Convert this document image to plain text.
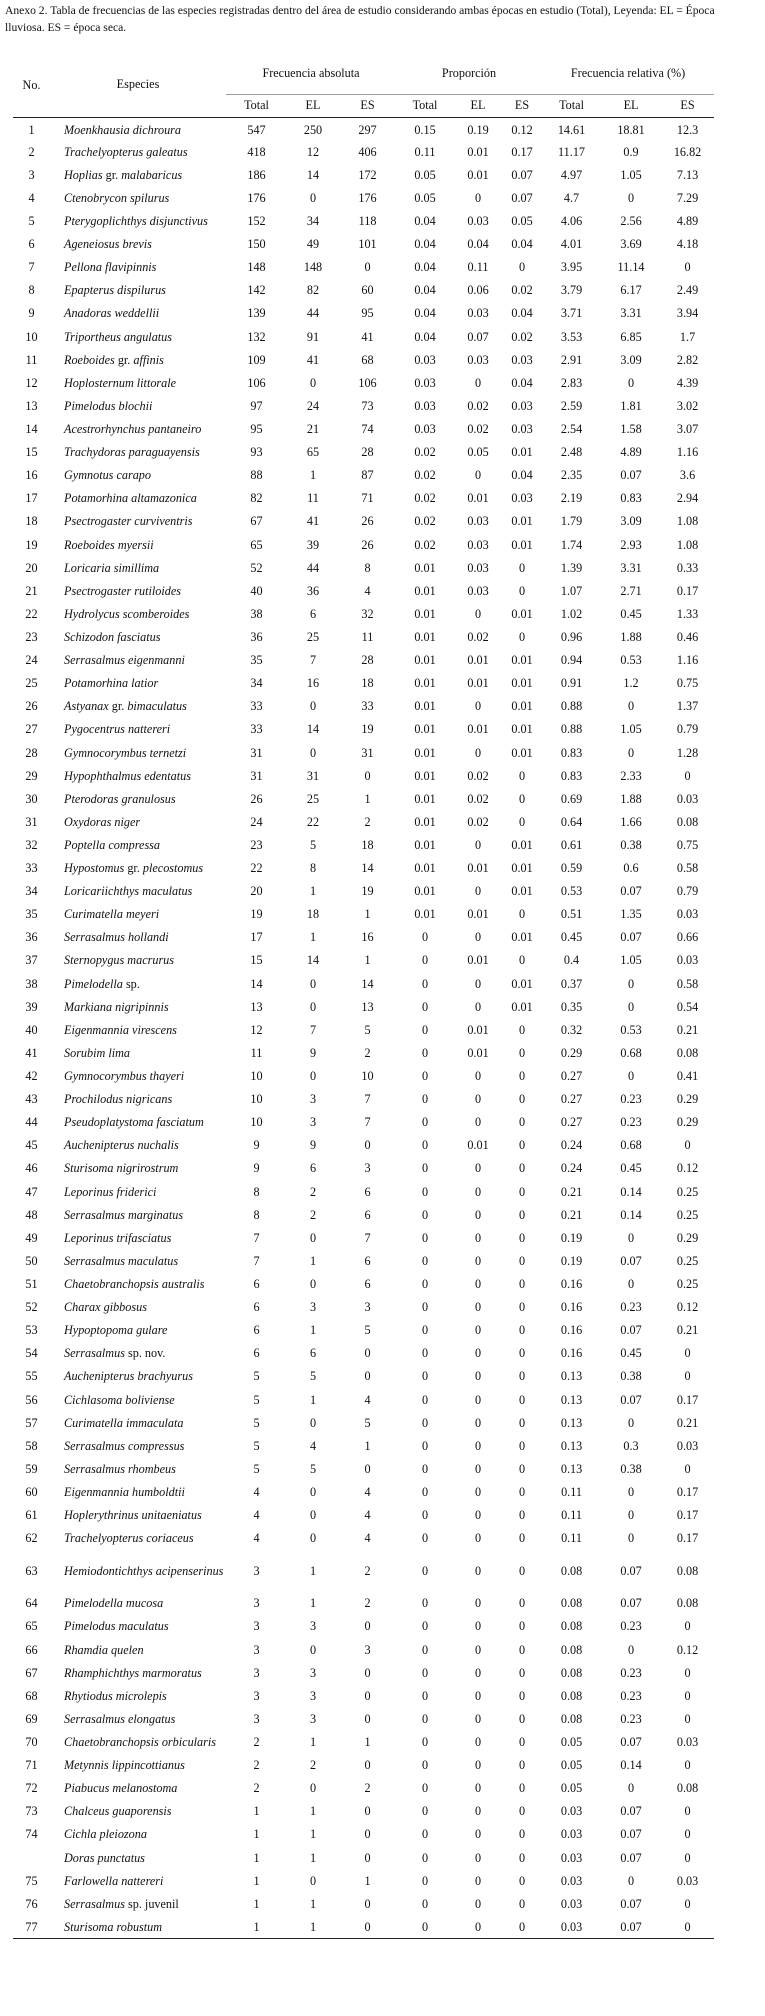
Anexo 2. Tabla de frecuencias de las especies registradas dentro del área de estudio considerando ambas épocas en estudio (Total), Leyenda: EL = Época lluviosa. ES = época seca.

No.	Especies	Frecuencia absoluta			Proporción			Frecuencia relativa (%)		
		Total	EL	ES	Total	EL	ES	Total	EL	ES
1	Moenkhausia dichroura	547	250	297	0.15	0.19	0.12	14.61	18.81	12.3
2	Trachelyopterus galeatus	418	12	406	0.11	0.01	0.17	11.17	0.9	16.82
3	Hoplias gr. malabaricus	186	14	172	0.05	0.01	0.07	4.97	1.05	7.13
4	Ctenobrycon spilurus	176	0	176	0.05	0	0.07	4.7	0	7.29
5	Pterygoplichthys disjunctivus	152	34	118	0.04	0.03	0.05	4.06	2.56	4.89
6	Ageneiosus brevis	150	49	101	0.04	0.04	0.04	4.01	3.69	4.18
7	Pellona flavipinnis	148	148	0	0.04	0.11	0	3.95	11.14	0
8	Epapterus dispilurus	142	82	60	0.04	0.06	0.02	3.79	6.17	2.49
9	Anadoras weddellii	139	44	95	0.04	0.03	0.04	3.71	3.31	3.94
10	Triportheus angulatus	132	91	41	0.04	0.07	0.02	3.53	6.85	1.7
11	Roeboides gr. affinis	109	41	68	0.03	0.03	0.03	2.91	3.09	2.82
12	Hoplosternum littorale	106	0	106	0.03	0	0.04	2.83	0	4.39
13	Pimelodus blochii	97	24	73	0.03	0.02	0.03	2.59	1.81	3.02
14	Acestrorhynchus pantaneiro	95	21	74	0.03	0.02	0.03	2.54	1.58	3.07
15	Trachydoras paraguayensis	93	65	28	0.02	0.05	0.01	2.48	4.89	1.16
16	Gymnotus carapo	88	1	87	0.02	0	0.04	2.35	0.07	3.6
17	Potamorhina altamazonica	82	11	71	0.02	0.01	0.03	2.19	0.83	2.94
18	Psectrogaster curviventris	67	41	26	0.02	0.03	0.01	1.79	3.09	1.08
19	Roeboides myersii	65	39	26	0.02	0.03	0.01	1.74	2.93	1.08
20	Loricaria simillima	52	44	8	0.01	0.03	0	1.39	3.31	0.33
21	Psectrogaster rutiloides	40	36	4	0.01	0.03	0	1.07	2.71	0.17
22	Hydrolycus scomberoides	38	6	32	0.01	0	0.01	1.02	0.45	1.33
23	Schizodon fasciatus	36	25	11	0.01	0.02	0	0.96	1.88	0.46
24	Serrasalmus eigenmanni	35	7	28	0.01	0.01	0.01	0.94	0.53	1.16
25	Potamorhina latior	34	16	18	0.01	0.01	0.01	0.91	1.2	0.75
26	Astyanax gr. bimaculatus	33	0	33	0.01	0	0.01	0.88	0	1.37
27	Pygocentrus nattereri	33	14	19	0.01	0.01	0.01	0.88	1.05	0.79
28	Gymnocorymbus ternetzi	31	0	31	0.01	0	0.01	0.83	0	1.28
29	Hypophthalmus edentatus	31	31	0	0.01	0.02	0	0.83	2.33	0
30	Pterodoras granulosus	26	25	1	0.01	0.02	0	0.69	1.88	0.03
31	Oxydoras niger	24	22	2	0.01	0.02	0	0.64	1.66	0.08
32	Poptella compressa	23	5	18	0.01	0	0.01	0.61	0.38	0.75
33	Hypostomus gr. plecostomus	22	8	14	0.01	0.01	0.01	0.59	0.6	0.58
34	Loricariichthys maculatus	20	1	19	0.01	0	0.01	0.53	0.07	0.79
35	Curimatella meyeri	19	18	1	0.01	0.01	0	0.51	1.35	0.03
36	Serrasalmus hollandi	17	1	16	0	0	0.01	0.45	0.07	0.66
37	Sternopygus macrurus	15	14	1	0	0.01	0	0.4	1.05	0.03
38	Pimelodella sp.	14	0	14	0	0	0.01	0.37	0	0.58
39	Markiana nigripinnis	13	0	13	0	0	0.01	0.35	0	0.54
40	Eigenmannia virescens	12	7	5	0	0.01	0	0.32	0.53	0.21
41	Sorubim lima	11	9	2	0	0.01	0	0.29	0.68	0.08
42	Gymnocorymbus thayeri	10	0	10	0	0	0	0.27	0	0.41
43	Prochilodus nigricans	10	3	7	0	0	0	0.27	0.23	0.29
44	Pseudoplatystoma fasciatum	10	3	7	0	0	0	0.27	0.23	0.29
45	Auchenipterus nuchalis	9	9	0	0	0.01	0	0.24	0.68	0
46	Sturisoma nigrirostrum	9	6	3	0	0	0	0.24	0.45	0.12
47	Leporinus friderici	8	2	6	0	0	0	0.21	0.14	0.25
48	Serrasalmus marginatus	8	2	6	0	0	0	0.21	0.14	0.25
49	Leporinus trifasciatus	7	0	7	0	0	0	0.19	0	0.29
50	Serrasalmus maculatus	7	1	6	0	0	0	0.19	0.07	0.25
51	Chaetobranchopsis australis	6	0	6	0	0	0	0.16	0	0.25
52	Charax gibbosus	6	3	3	0	0	0	0.16	0.23	0.12
53	Hypoptopoma gulare	6	1	5	0	0	0	0.16	0.07	0.21
54	Serrasalmus sp. nov.	6	6	0	0	0	0	0.16	0.45	0
55	Auchenipterus brachyurus	5	5	0	0	0	0	0.13	0.38	0
56	Cichlasoma boliviense	5	1	4	0	0	0	0.13	0.07	0.17
57	Curimatella immaculata	5	0	5	0	0	0	0.13	0	0.21
58	Serrasalmus compressus	5	4	1	0	0	0	0.13	0.3	0.03
59	Serrasalmus rhombeus	5	5	0	0	0	0	0.13	0.38	0
60	Eigenmannia humboldtii	4	0	4	0	0	0	0.11	0	0.17
61	Hoplerythrinus unitaeniatus	4	0	4	0	0	0	0.11	0	0.17
62	Trachelyopterus coriaceus	4	0	4	0	0	0	0.11	0	0.17
63	Hemiodontichthys acipenserinus	3	1	2	0	0	0	0.08	0.07	0.08
64	Pimelodella mucosa	3	1	2	0	0	0	0.08	0.07	0.08
65	Pimelodus maculatus	3	3	0	0	0	0	0.08	0.23	0
66	Rhamdia quelen	3	0	3	0	0	0	0.08	0	0.12
67	Rhamphichthys marmoratus	3	3	0	0	0	0	0.08	0.23	0
68	Rhytiodus microlepis	3	3	0	0	0	0	0.08	0.23	0
69	Serrasalmus elongatus	3	3	0	0	0	0	0.08	0.23	0
70	Chaetobranchopsis orbicularis	2	1	1	0	0	0	0.05	0.07	0.03
71	Metynnis lippincottianus	2	2	0	0	0	0	0.05	0.14	0
72	Piabucus melanostoma	2	0	2	0	0	0	0.05	0	0.08
73	Chalceus guaporensis	1	1	0	0	0	0	0.03	0.07	0
74	Cichla pleiozona	1	1	0	0	0	0	0.03	0.07	0
	Doras punctatus	1	1	0	0	0	0	0.03	0.07	0
75	Farlowella nattereri	1	0	1	0	0	0	0.03	0	0.03
76	Serrasalmus sp. juvenil	1	1	0	0	0	0	0.03	0.07	0
77	Sturisoma robustum	1	1	0	0	0	0	0.03	0.07	0
